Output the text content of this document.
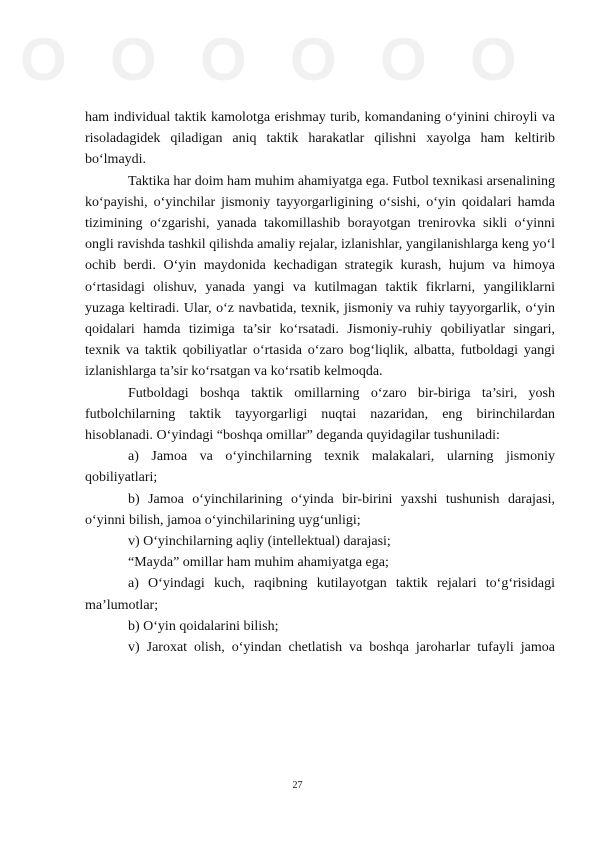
O O O O O O

ham individual taktik kamolotga erishmay turib, komandaning o‘yinini chiroyli va risoladagidek qiladigan aniq taktik harakatlar qilishni xayolga ham keltirib bo‘lmaydi.

Taktika har doim ham muhim ahamiyatga ega. Futbol texnikasi arsenalining ko‘payishi, o‘yinchilar jismoniy tayyorgarligining o‘sishi, o‘yin qoidalari hamda tizimining o‘zgarishi, yanada takomillashib borayotgan trenirovka sikli o‘yinni ongli ravishda tashkil qilishda amaliy rejalar, izlanishlar, yangilanishlarga keng yo‘l ochib berdi. O‘yin maydonida kechadigan strategik kurash, hujum va himoya o‘rtasidagi olishuv, yanada yangi va kutilmagan taktik fikrlarni, yangiliklarni yuzaga keltiradi. Ular, o‘z navbatida, texnik, jismoniy va ruhiy tayyorgarlik, o‘yin qoidalari hamda tizimiga ta’sir ko‘rsatadi. Jismoniy-ruhiy qobiliyatlar singari, texnik va taktik qobiliyatlar o‘rtasida o‘zaro bog‘liqlik, albatta, futboldagi yangi izlanishlarga ta’sir ko‘rsatgan va ko‘rsatib kelmoqda.

Futboldagi boshqa taktik omillarning o‘zaro bir-biriga ta’siri, yosh futbolchilarning taktik tayyorgarligi nuqtai nazaridan, eng birinchilardan hisoblanadi. O‘yindagi “boshqa omillar” deganda quyidagilar tushuniladi:

a) Jamoa va o‘yinchilarning texnik malakalari, ularning jismoniy qobiliyatlari;

b) Jamoa o‘yinchilarining o‘yinda bir-birini yaxshi tushunish darajasi, o‘yinni bilish, jamoa o‘yinchilarining uyg‘unligi;

v) O‘yinchilarning aqliy (intellektual) darajasi;

“Mayda” omillar ham muhim ahamiyatga ega;

a) O‘yindagi kuch, raqibning kutilayotgan taktik rejalari to‘g‘risidagi ma’lumotlar;

b) O‘yin qoidalarini bilish;

v) Jaroxat olish, o‘yindan chetlatish va boshqa jaroharlar tufayli jamoa

27
